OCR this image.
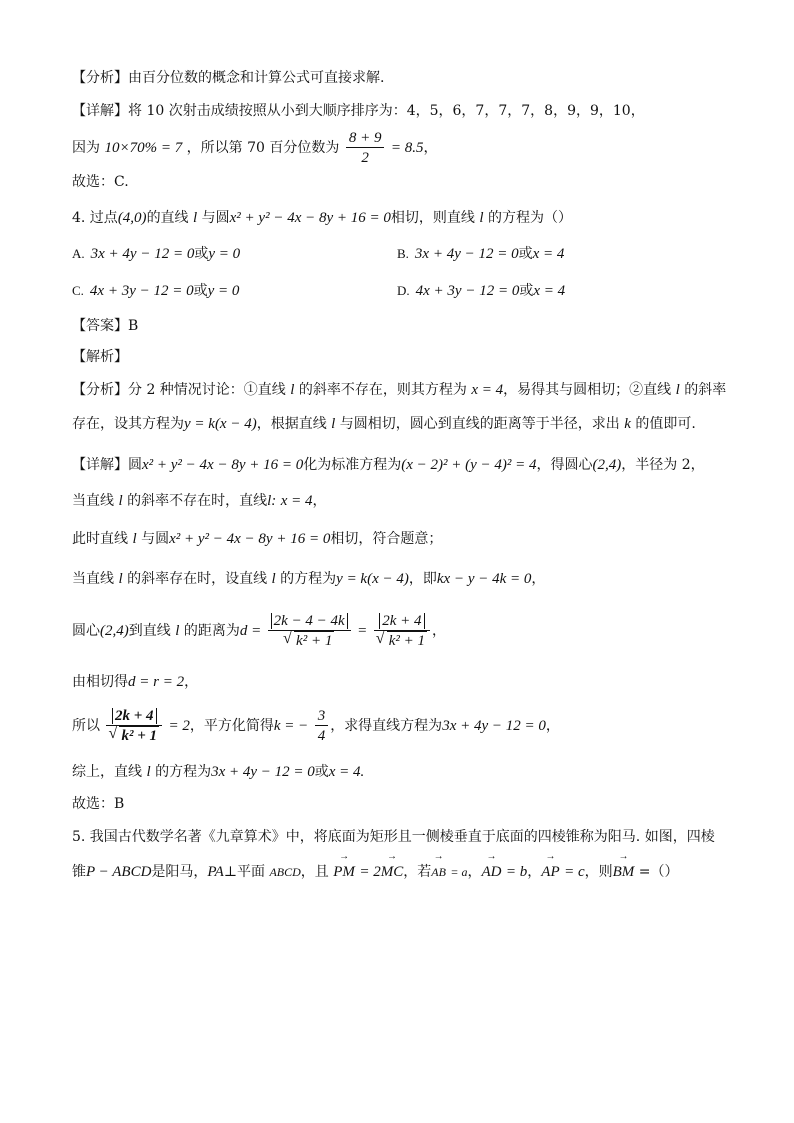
【分析】由百分位数的概念和计算公式可直接求解.
【详解】将 10 次射击成绩按照从小到大顺序排序为：4，5，6，7，7，7，8，9，9，10，
因为 10×70% = 7 ，所以第 70 百分位数为 $\frac{8 + 9}{2} = 8.5$，
故选：C.
4. 过点(4,0)的直线 l 与圆x² + y² − 4x − 8y + 16 = 0相切，则直线 l 的方程为（）
A. 3x + 4y − 12 = 0或y = 0	B. 3x + 4y − 12 = 0或x = 4
C. 4x + 3y − 12 = 0或y = 0	D. 4x + 3y − 12 = 0或x = 4
【答案】B
【解析】
【分析】分 2 种情况讨论：①直线 l 的斜率不存在，则其方程为 x = 4，易得其与圆相切；②直线 l 的斜率
存在，设其方程为y = k(x − 4)，根据直线 l 与圆相切，圆心到直线的距离等于半径，求出 k 的值即可.
【详解】圆x² + y² − 4x − 8y + 16 = 0化为标准方程为(x − 2)² + (y − 4)² = 4，得圆心(2,4)，半径为 2，
当直线 l 的斜率不存在时，直线l: x = 4，
此时直线 l 与圆x² + y² − 4x − 8y + 16 = 0相切，符合题意；
当直线 l 的斜率存在时，设直线 l 的方程为y = k(x − 4)，即kx − y − 4k = 0，
圆心(2,4)到直线 l 的距离为d = 2k − 4 − 4k
√ k² + 1 = 2k + 4
√ k² + 1 ，
由相切得d = r = 2，
所以 2k + 4
√ k² + 1 = 2，平方化简得k = − $\frac{3}{4}$ ，求得直线方程为3x + 4y − 12 = 0，
综上，直线 l 的方程为3x + 4y − 12 = 0或x = 4.
故选：B
5. 我国古代数学名著《九章算术》中，将底面为矩形且一侧棱垂直于底面的四棱锥称为阳马. 如图，四棱
锥P − ABCD是阳马，PA⊥平面 ABCD，且 → PM = 2→ MC，若→ AB = a，→ AD = b，→ AP = c，则→ BM =（）
